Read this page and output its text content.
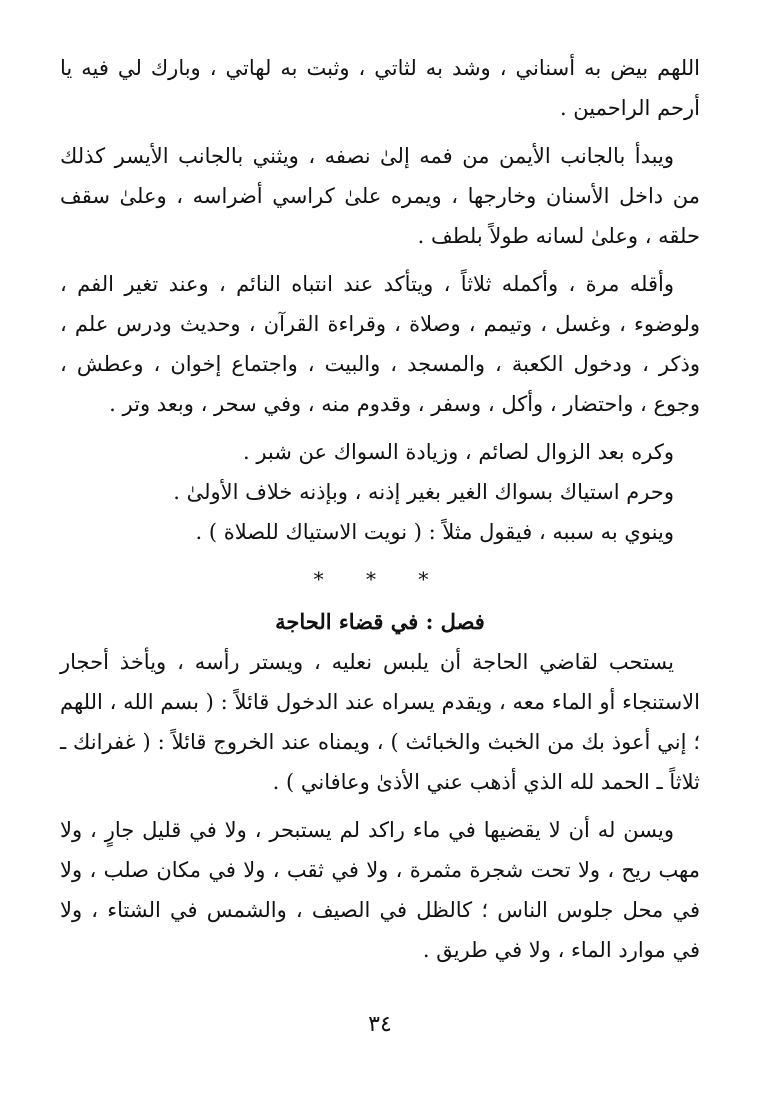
اللهم بيض به أسناني ، وشد به لثاتي ، وثبت به لهاتي ، وبارك لي فيه يا أرحم الراحمين .

ويبدأ بالجانب الأيمن من فمه إلىٰ نصفه ، ويثني بالجانب الأيسر كذلك من داخل الأسنان وخارجها ، ويمره علىٰ كراسي أضراسه ، وعلىٰ سقف حلقه ، وعلىٰ لسانه طولاً بلطف .

وأقله مرة ، وأكمله ثلاثاً ، ويتأكد عند انتباه النائم ، وعند تغير الفم ، ولوضوء ، وغسل ، وتيمم ، وصلاة ، وقراءة القرآن ، وحديث ودرس علم ، وذكر ، ودخول الكعبة ، والمسجد ، والبيت ، واجتماع إخوان ، وعطش ، وجوع ، واحتضار ، وأكل ، وسفر ، وقدوم منه ، وفي سحر ، وبعد وتر .

وكره بعد الزوال لصائم ، وزيادة السواك عن شبر .

وحرم استياك بسواك الغير بغير إذنه ، وبإذنه خلاف الأولىٰ .

وينوي به سببه ، فيقول مثلاً : ( نويت الاستياك للصلاة ) .

* * *
فصل : في قضاء الحاجة

يستحب لقاضي الحاجة أن يلبس نعليه ، ويستر رأسه ، ويأخذ أحجار الاستنجاء أو الماء معه ، ويقدم يسراه عند الدخول قائلاً : ( بسم الله ، اللهم ؛ إني أعوذ بك من الخبث والخبائث ) ، ويمناه عند الخروج قائلاً : ( غفرانك ـ ثلاثاً ـ الحمد لله الذي أذهب عني الأذىٰ وعافاني ) .

ويسن له أن لا يقضيها في ماء راكد لم يستبحر ، ولا في قليل جارٍ ، ولا مهب ريح ، ولا تحت شجرة مثمرة ، ولا في ثقب ، ولا في مكان صلب ، ولا في محل جلوس الناس ؛ كالظل في الصيف ، والشمس في الشتاء ، ولا في موارد الماء ، ولا في طريق .

٣٤
